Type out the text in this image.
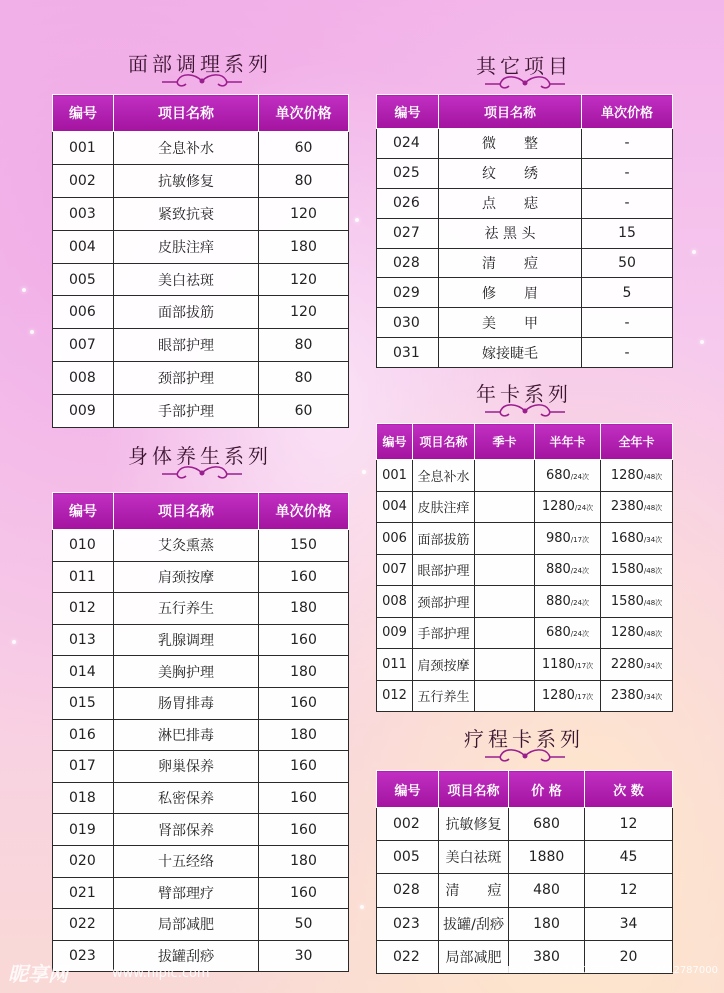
面部调理系列
编号	项目名称	单次价格
001	全息补水	60
002	抗敏修复	80
003	紧致抗衰	120
004	皮肤注痒	180
005	美白祛斑	120
006	面部拔筋	120
007	眼部护理	80
008	颈部护理	80
009	手部护理	60
身体养生系列
编号	项目名称	单次价格
010	艾灸熏蒸	150
011	肩颈按摩	160
012	五行养生	180
013	乳腺调理	160
014	美胸护理	180
015	肠胃排毒	160
016	淋巴排毒	180
017	卵巢保养	160
018	私密保养	160
019	肾部保养	160
020	十五经络	180
021	臂部理疗	160
022	局部减肥	50
023	拔罐刮痧	30
其它项目
编号	项目名称	单次价格
024	微　　整	-
025	纹　　绣	-
026	点　　痣	-
027	祛 黑 头	15
028	清　　痘	50
029	修　　眉	5
030	美　　甲	-
031	嫁接睫毛	-
年卡系列
编号	项目名称	季卡	半年卡	全年卡
001	全息补水		680/24次	1280/48次
004	皮肤注痒		1280/24次	2380/48次
006	面部拔筋		980/17次	1680/34次
007	眼部护理		880/24次	1580/48次
008	颈部护理		880/24次	1580/48次
009	手部护理		680/24次	1280/48次
011	肩颈按摩		1180/17次	2280/34次
012	五行养生		1280/17次	2380/34次
疗程卡系列
编号	项目名称	价 格	次 数
002	抗敏修复	680	12
005	美白祛斑	1880	45
028	清　　痘	480	12
023	拔罐/刮痧	180	34
022	局部减肥	380	20
昵享网	www.nipic.com	ID:19505297 NO:20150731174412787000
